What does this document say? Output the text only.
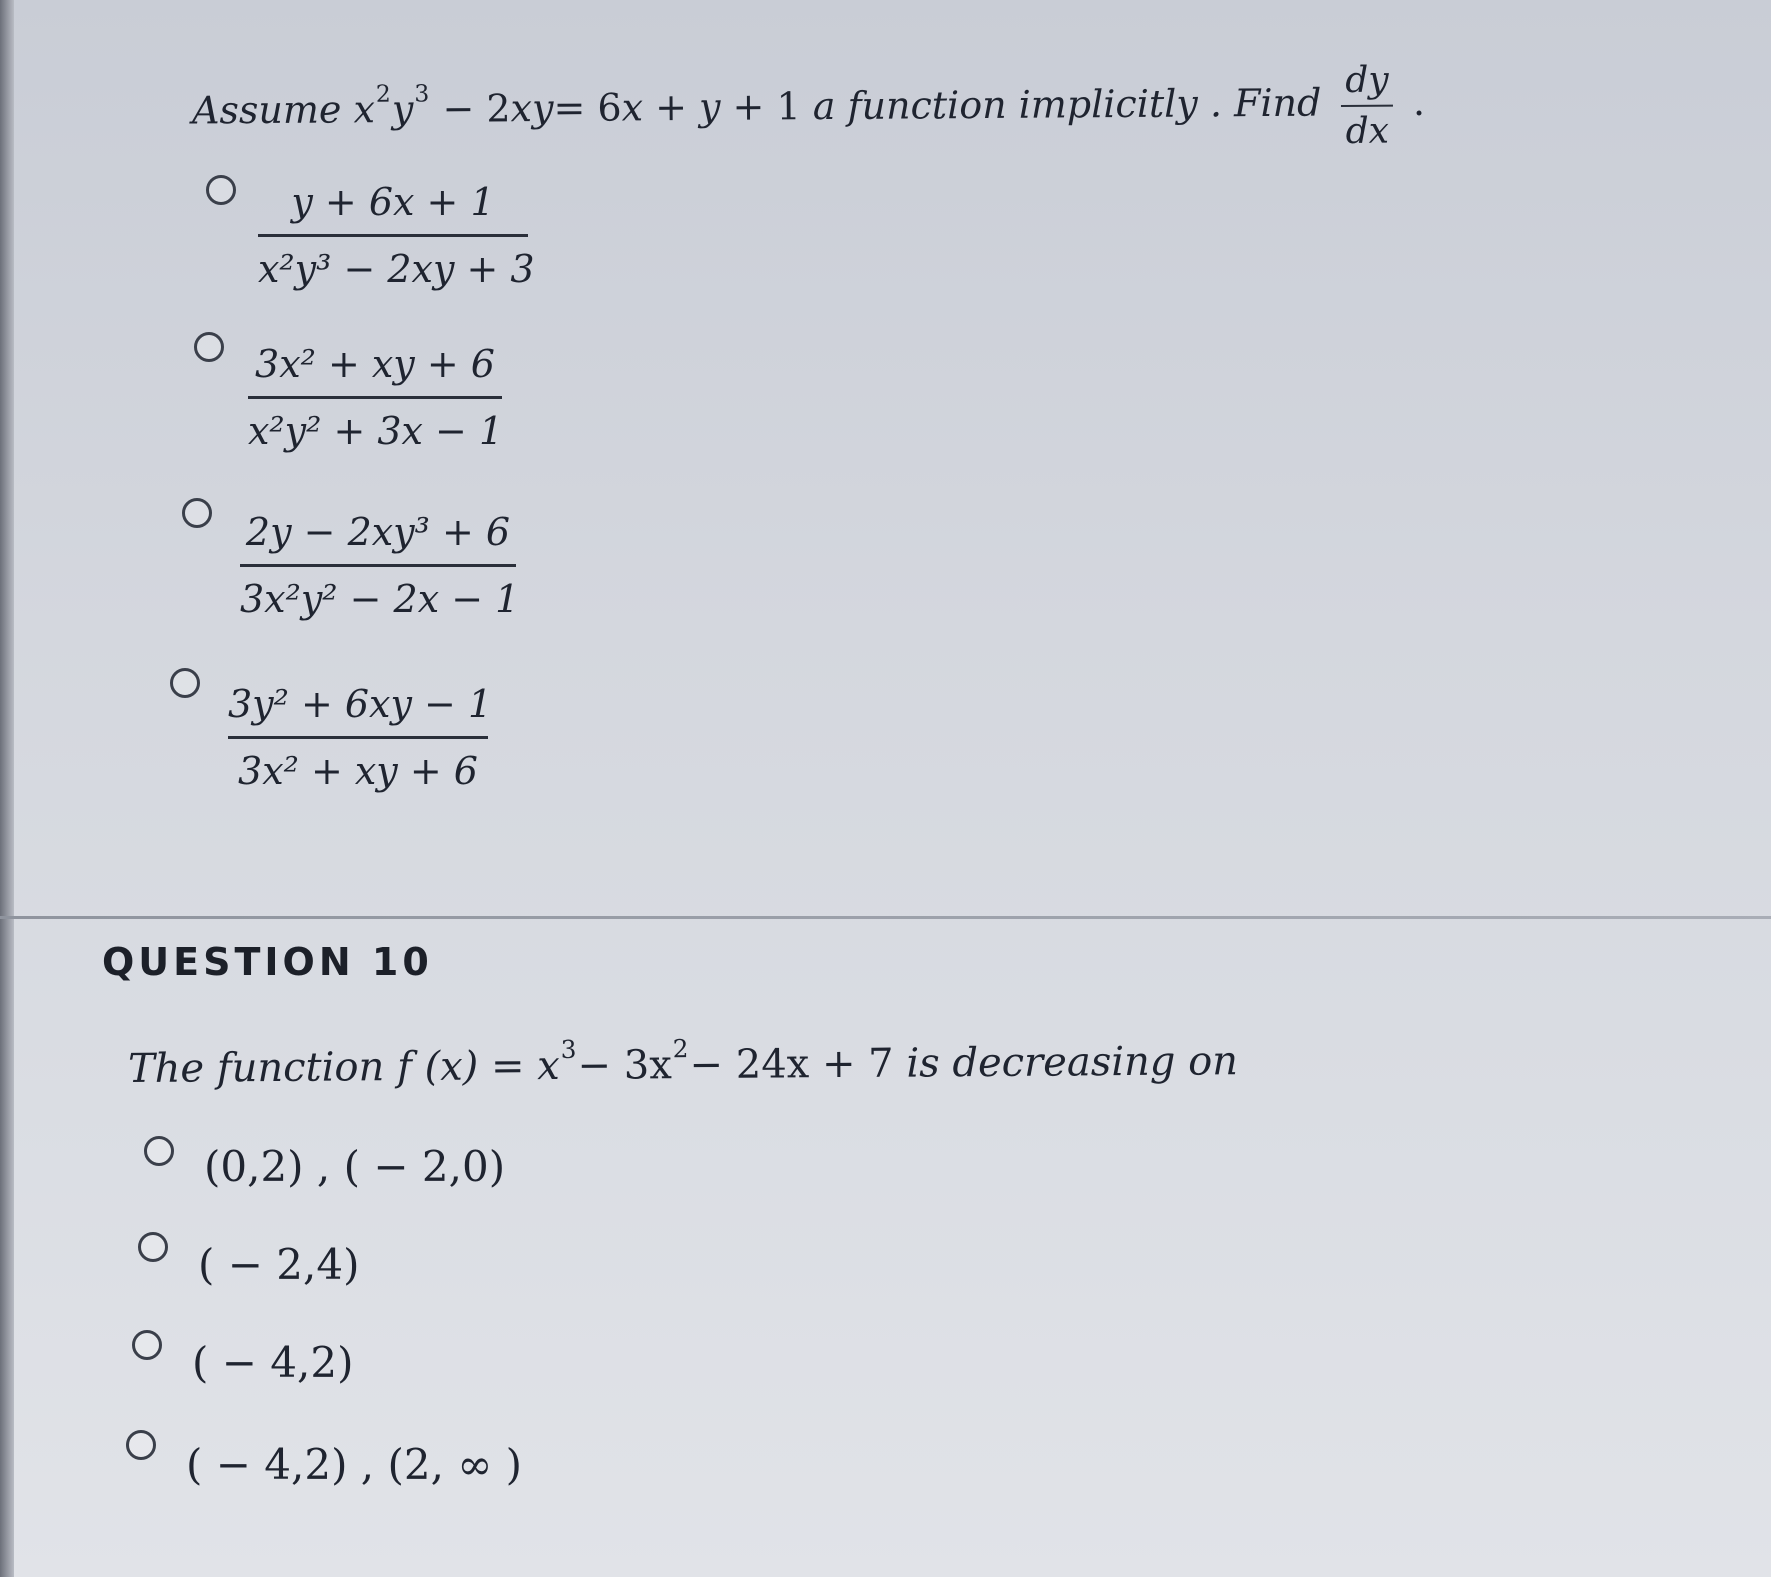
Assume $x^2y^3 - 2xy= 6x + y + 1$ a function implicitly . Find $\frac{dy}{dx}$ .
y + 6x + 1
x²y³ − 2xy + 3
3x² + xy + 6
x²y² + 3x − 1
2y − 2xy³ + 6
3x²y² − 2x − 1
3y² + 6xy − 1
3x² + xy + 6
QUESTION 10
The function f $(x) = x^3- 3x^2- 24x + 7$ is decreasing on
(0,2) , ( − 2,0)
( − 2,4)
( − 4,2)
( − 4,2) , (2, ∞ )
